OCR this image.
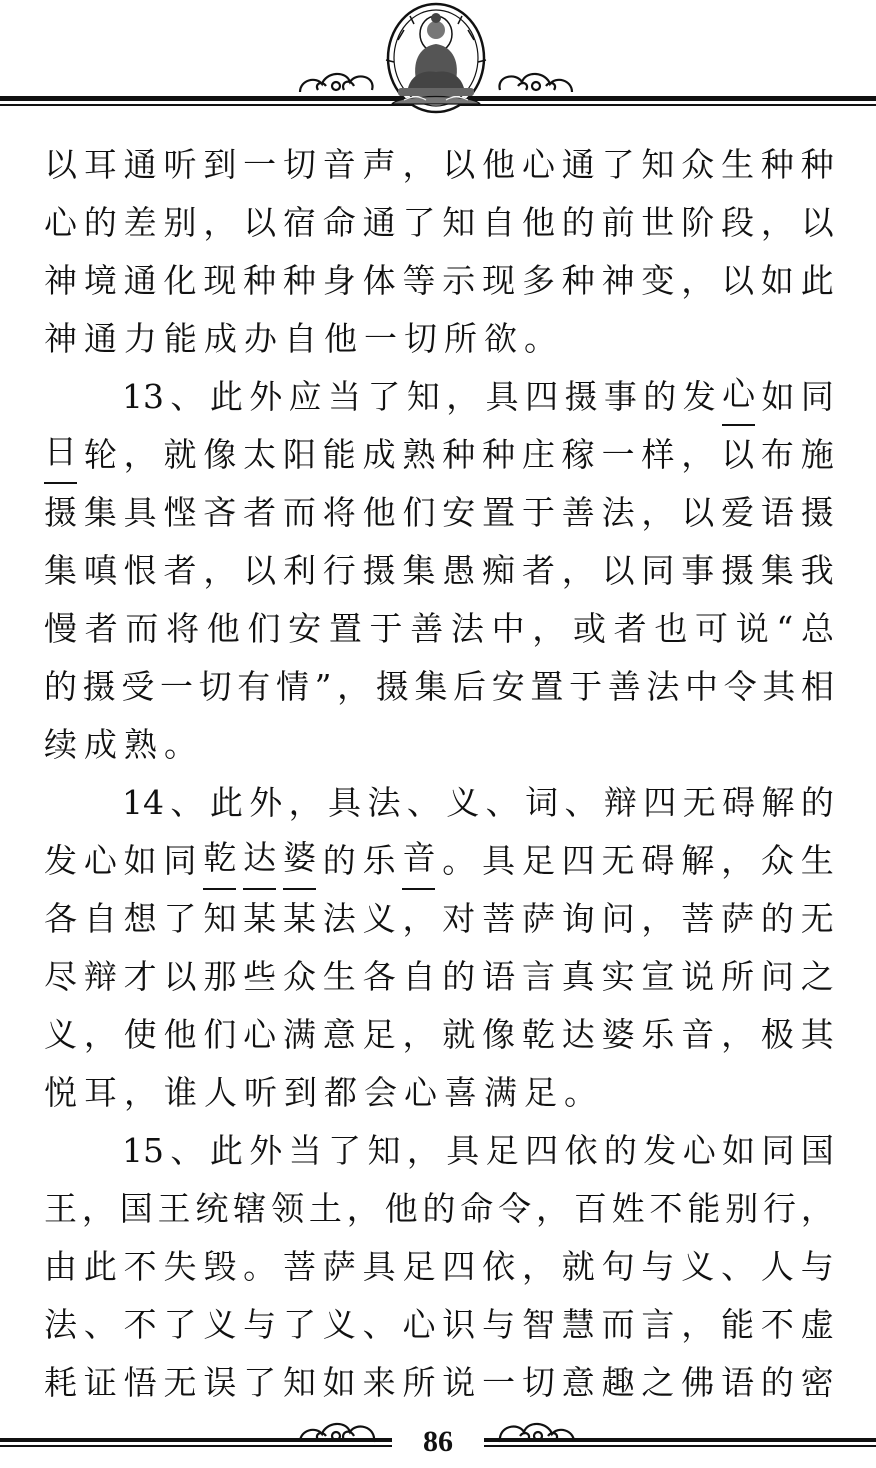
以 耳 通 听 到 一 切 音 声 ， 以 他 心 通 了 知 众 生 种 种
心 的 差 别 ， 以 宿 命 通 了 知 自 他 的 前 世 阶 段 ， 以
神 境 通 化 现 种 种 身 体 等 示 现 多 种 神 变 ， 以 如 此
神 通 力 能 成 办 自 他 一 切 所 欲 。
13 、 此 外 应 当 了 知 ， 具 四 摄 事 的 发 心 如 同
日 轮 ， 就 像 太 阳 能 成 熟 种 种 庄 稼 一 样 ， 以 布 施
摄 集 具 悭 吝 者 而 将 他 们 安 置 于 善 法 ， 以 爱 语 摄
集 嗔 恨 者 ， 以 利 行 摄 集 愚 痴 者 ， 以 同 事 摄 集 我
慢 者 而 将 他 们 安 置 于 善 法 中 ， 或 者 也 可 说 “ 总
的 摄 受 一 切 有 情 ” ， 摄 集 后 安 置 于 善 法 中 令 其 相
续 成 熟 。
14 、 此 外 ， 具 法 、 义 、 词 、 辩 四 无 碍 解 的
发 心 如 同 乾 达 婆 的 乐 音 。 具 足 四 无 碍 解 ， 众 生
各 自 想 了 知 某 某 法 义 ， 对 菩 萨 询 问 ， 菩 萨 的 无
尽 辩 才 以 那 些 众 生 各 自 的 语 言 真 实 宣 说 所 问 之
义 ， 使 他 们 心 满 意 足 ， 就 像 乾 达 婆 乐 音 ， 极 其
悦 耳 ， 谁 人 听 到 都 会 心 喜 满 足 。
15 、 此 外 当 了 知 ， 具 足 四 依 的 发 心 如 同 国
王 ， 国 王 统 辖 领 土 ， 他 的 命 令 ， 百 姓 不 能 别 行 ，
由 此 不 失 毁 。 菩 萨 具 足 四 依 ， 就 句 与 义 、 人 与
法 、 不 了 义 与 了 义 、 心 识 与 智 慧 而 言 ， 能 不 虚
耗 证 悟 无 误 了 知 如 来 所 说 一 切 意 趣 之 佛 语 的 密
86
